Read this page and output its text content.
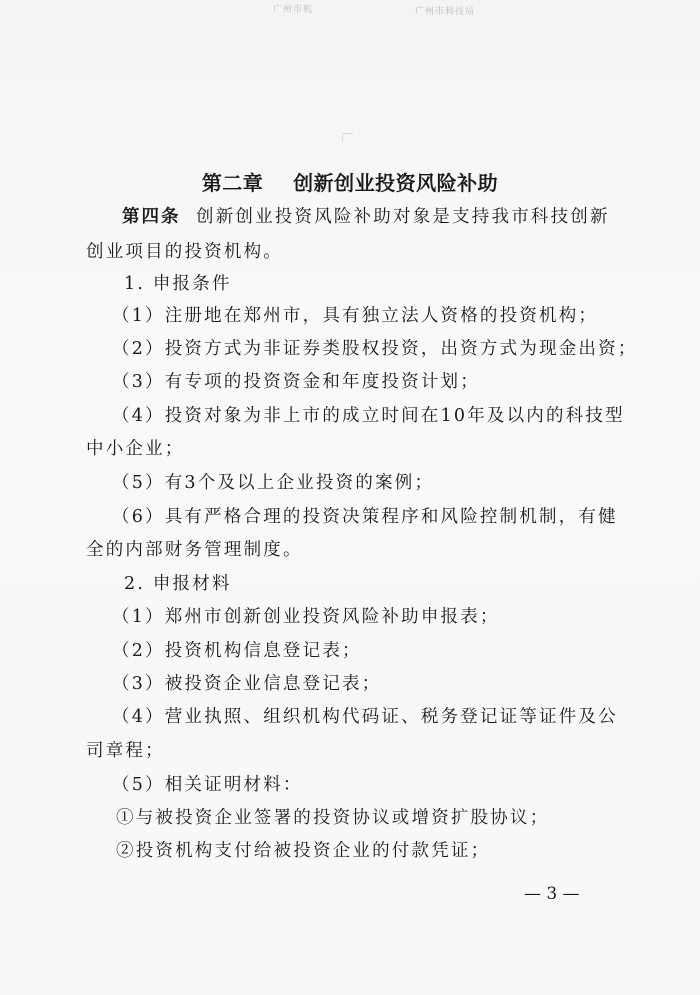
广州市机	广州市科技局
第二章    创新创业投资风险补助
第四条 创新创业投资风险补助对象是支持我市科技创新
创业项目的投资机构。
1. 申报条件
（1）注册地在郑州市，具有独立法人资格的投资机构；
（2）投资方式为非证券类股权投资，出资方式为现金出资；
（3）有专项的投资资金和年度投资计划；
（4）投资对象为非上市的成立时间在10年及以内的科技型
中小企业；
（5）有3个及以上企业投资的案例；
（6）具有严格合理的投资决策程序和风险控制机制，有健
全的内部财务管理制度。
2. 申报材料
（1）郑州市创新创业投资风险补助申报表；
（2）投资机构信息登记表；
（3）被投资企业信息登记表；
（4）营业执照、组织机构代码证、税务登记证等证件及公
司章程；
（5）相关证明材料：
①与被投资企业签署的投资协议或增资扩股协议；
②投资机构支付给被投资企业的付款凭证；
— 3 —
